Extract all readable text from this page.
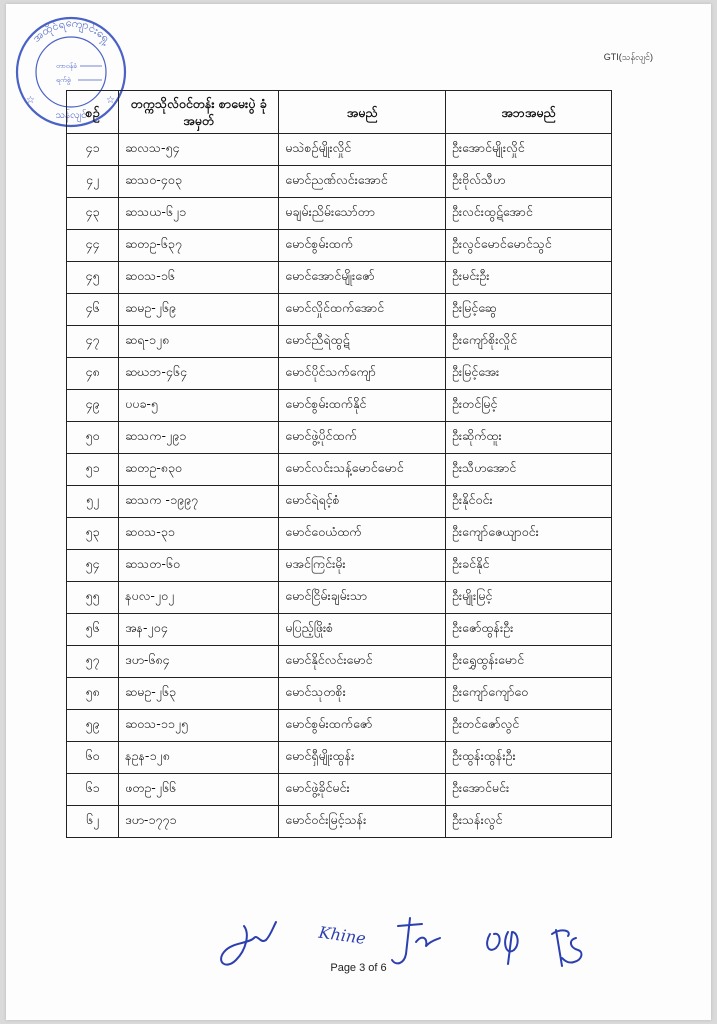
အထိုင်ရကျောင်းရှေ့
တာဝန်ခံ
ရက်စွဲ
သန်လျင်
☆	☆
GTI(သန်လျင်)
စဉ်	တက္ကသိုလ်ဝင်တန်း စာမေးပွဲ ခုံအမှတ်	အမည်	အဘအမည်
၄၁	ဆလသ-၅၄	မသဲစဉ်မျိုးလှိုင်	ဦးအောင်မျိုးလှိုင်
၄၂	ဆသဝ-၄၀၃	မောင်ညဏ်လင်းအောင်	ဦးဗိုလ်သီဟ
၄၃	ဆသယ-၆၂၁	မချမ်းညိမ်းသော်တာ	ဦးလင်းထွဋ်အောင်
၄၄	ဆတဥ-၆၃၇	မောင်စွမ်းထက်	ဦးလွင်မောင်မောင်သွင်
၄၅	ဆဝသ-၁၆	မောင်အောင်မျိုးဇော်	ဦးမင်းဦး
၄၆	ဆမဥ-၂၆၉	မောင်လှိုင်ထက်အောင်	ဦးမြင့်ဆွေ
၄၇	ဆရ-၁၂၈	မောင်ညီရဲထွဋ်	ဦးကျော်စိုးလှိုင်
၄၈	ဆဃဘ-၄၆၄	မောင်ပိုင်သက်ကျော်	ဦးမြင့်အေး
၄၉	ပပခ-၅	မောင်စွမ်းထက်နိုင်	ဦးတင်မြင့်
၅၀	ဆသက-၂၉၁	မောင်ဖွဲ့ပိုင်ထက်	ဦးဆိုက်ထူး
၅၁	ဆတဥ-၈၃၀	မောင်လင်းသန့်မောင်မောင်	ဦးသီဟအောင်
၅၂	ဆသက -၁၉၉၇	မောင်ရဲရင့်စံ	ဦးနိုင်ဝင်း
၅၃	ဆဝသ-၃၁	မောင်ဝေယံထက်	ဦးကျော်ဇေယျာဝင်း
၅၄	ဆသတ-၆၀	မအင်ကြင်းမိုး	ဦးခင်နိုင်
၅၅	နပလ-၂၀၂	မောင်ငြိမ်းချမ်းသာ	ဦးမျိုးမြင့်
၅၆	အန-၂၀၄	မပြည့်ဖြိုးစံ	ဦးဇော်ထွန်းဦး
၅၇	ဒဟ-၆၈၄	မောင်နိုင်လင်းမောင်	ဦးရွှေထွန်းမောင်
၅၈	ဆမဥ-၂၆၃	မောင်သုတစိုး	ဦးကျော်ကျော်ဝေ
၅၉	ဆဝသ-၁၁၂၅	မောင်စွမ်းထက်ဇော်	ဦးတင်ဇော်လွင်
၆၀	နဥန-၁၂၈	မောင်ရှီမျိုးထွန်း	ဦးထွန်းထွန်းဦး
၆၁	ဖတဥ-၂၆၆	မောင်ဖွဲ့ခိုင်မင်း	ဦးအောင်မင်း
၆၂	ဒဟ-၁၇၇၁	မောင်ဝင်းမြင့်သန်း	ဦးသန်းလွင်
Khine
Page 3 of 6
